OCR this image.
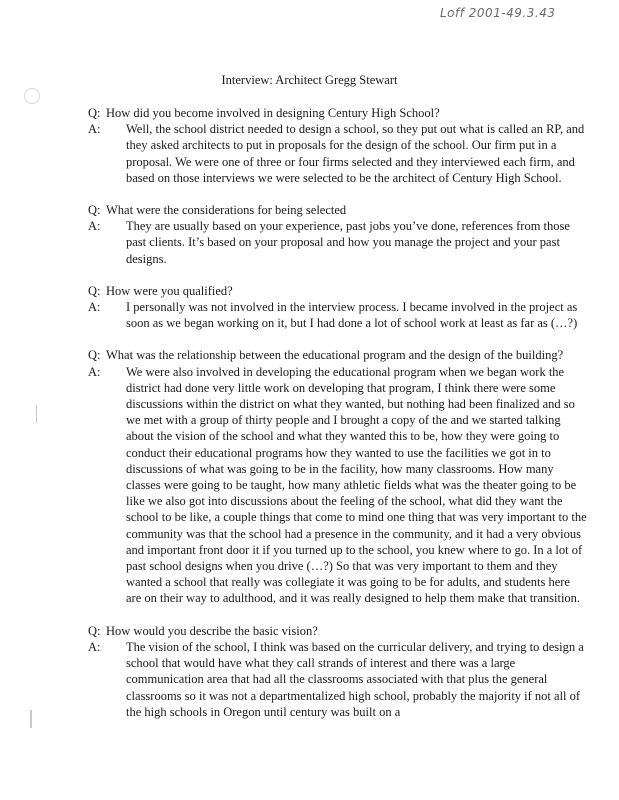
Loff 2001-49.3.43
Interview: Architect Gregg Stewart
Q: How did you become involved in designing Century High School?
A:	Well, the school district needed to design a school, so they put out what is called an RP, and they asked architects to put in proposals for the design of the school. Our firm put in a proposal. We were one of three or four firms selected and they interviewed each firm, and based on those interviews we were selected to be the architect of Century High School.
Q: What were the considerations for being selected
A:	They are usually based on your experience, past jobs you’ve done, references from those past clients. It’s based on your proposal and how you manage the project and your past designs.
Q: How were you qualified?
A:	I personally was not involved in the interview process. I became involved in the project as soon as we began working on it, but I had done a lot of school work at least as far as (…?)
Q: What was the relationship between the educational program and the design of the building?
A:	We were also involved in developing the educational program when we began work the district had done very little work on developing that program, I think there were some discussions within the district on what they wanted, but nothing had been finalized and so we met with a group of thirty people and I brought a copy of the and we started talking about the vision of the school and what they wanted this to be, how they were going to conduct their educational programs how they wanted to use the facilities we got in to discussions of what was going to be in the facility, how many classrooms. How many classes were going to be taught, how many athletic fields what was the theater going to be like we also got into discussions about the feeling of the school, what did they want the school to be like, a couple things that come to mind one thing that was very important to the community was that the school had a presence in the community, and it had a very obvious and important front door it if you turned up to the school, you knew where to go. In a lot of past school designs when you drive (…?) So that was very important to them and they wanted a school that really was collegiate it was going to be for adults, and students here are on their way to adulthood, and it was really designed to help them make that transition.
Q: How would you describe the basic vision?
A:	The vision of the school, I think was based on the curricular delivery, and trying to design a school that would have what they call strands of interest and there was a large communication area that had all the classrooms associated with that plus the general classrooms so it was not a departmentalized high school, probably the majority if not all of the high schools in Oregon until century was built on a
